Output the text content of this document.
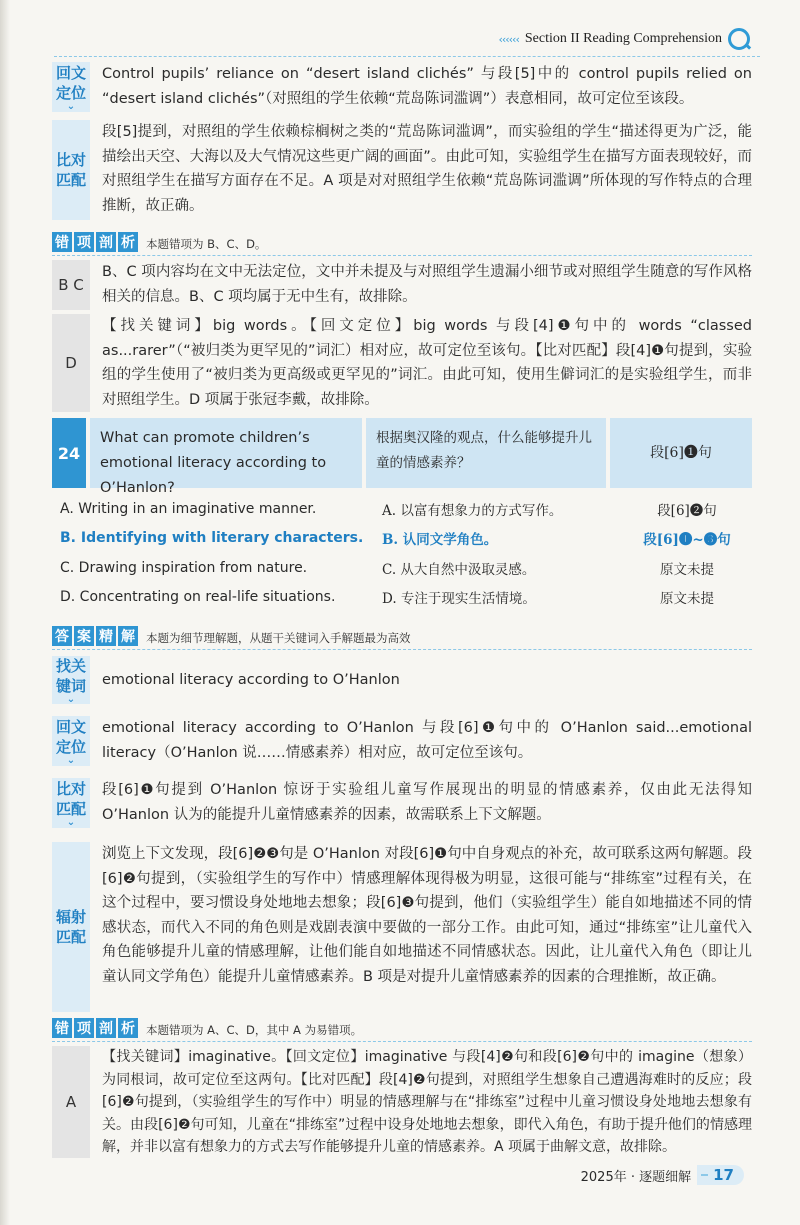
‹‹‹‹‹‹ Section II Reading Comprehension
回文定位
⌄
Control pupils’ reliance on “desert island clichés” 与段[5]中的 control pupils relied on “desert island clichés”（对照组的学生依赖“荒岛陈词滥调”）表意相同，故可定位至该段。
比对匹配
段[5]提到，对照组的学生依赖棕榈树之类的“荒岛陈词滥调”，而实验组的学生“描述得更为广泛，能描绘出天空、大海以及大气情况这些更广阔的画面”。由此可知，实验组学生在描写方面表现较好，而对照组学生在描写方面存在不足。A 项是对对照组学生依赖“荒岛陈词滥调”所体现的写作特点的合理推断，故正确。
错 项 剖 析 本题错项为 B、C、D。
B C
B、C 项内容均在文中无法定位，文中并未提及与对照组学生遗漏小细节或对照组学生随意的写作风格相关的信息。B、C 项均属于无中生有，故排除。
D
【找关键词】big words。【回文定位】big words 与段[4]❶句中的 words “classed as...rarer”（“被归类为更罕见的”词汇）相对应，故可定位至该句。【比对匹配】段[4]❶句提到，实验组的学生使用了“被归类为更高级或更罕见的”词汇。由此可知，使用生僻词汇的是实验组学生，而非对照组学生。D 项属于张冠李戴，故排除。
24
What can promote children’s emotional literacy according to O’Hanlon?
根据奥汉隆的观点，什么能够提升儿童的情感素养？
段[6]❶句
A. Writing in an imaginative manner.	A. 以富有想象力的方式写作。	段[6]❷句
B. Identifying with literary characters.	B. 认同文学角色。	段[6]❶~❸句
C. Drawing inspiration from nature.	C. 从大自然中汲取灵感。	原文未提
D. Concentrating on real-life situations.	D. 专注于现实生活情境。	原文未提
答 案 精 解 本题为细节理解题，从题干关键词入手解题最为高效
找关键词
⌄
emotional literacy according to O’Hanlon
回文定位
⌄
emotional literacy according to O’Hanlon 与段[6]❶句中的 O’Hanlon said...emotional literacy（O’Hanlon 说……情感素养）相对应，故可定位至该句。
比对匹配
⌄
段[6]❶句提到 O’Hanlon 惊讶于实验组儿童写作展现出的明显的情感素养，仅由此无法得知 O’Hanlon 认为的能提升儿童情感素养的因素，故需联系上下文解题。
辐射匹配
浏览上下文发现，段[6]❷❸句是 O’Hanlon 对段[6]❶句中自身观点的补充，故可联系这两句解题。段[6]❷句提到，（实验组学生的写作中）情感理解体现得极为明显，这很可能与“排练室”过程有关，在这个过程中，要习惯设身处地地去想象；段[6]❸句提到，他们（实验组学生）能自如地描述不同的情感状态，而代入不同的角色则是戏剧表演中要做的一部分工作。由此可知，通过“排练室”让儿童代入角色能够提升儿童的情感理解，让他们能自如地描述不同情感状态。因此，让儿童代入角色（即让儿童认同文学角色）能提升儿童情感素养。B 项是对提升儿童情感素养的因素的合理推断，故正确。
错 项 剖 析 本题错项为 A、C、D，其中 A 为易错项。
A
【找关键词】imaginative。【回文定位】imaginative 与段[4]❷句和段[6]❷句中的 imagine（想象）为同根词，故可定位至这两句。【比对匹配】段[4]❷句提到，对照组学生想象自己遭遇海难时的反应；段[6]❷句提到，（实验组学生的写作中）明显的情感理解与在“排练室”过程中儿童习惯设身处地地去想象有关。由段[6]❷句可知，儿童在“排练室”过程中设身处地地去想象，即代入角色，有助于提升他们的情感理解，并非以富有想象力的方式去写作能够提升儿童的情感素养。A 项属于曲解文意，故排除。
2025年 · 逐题细解	17
